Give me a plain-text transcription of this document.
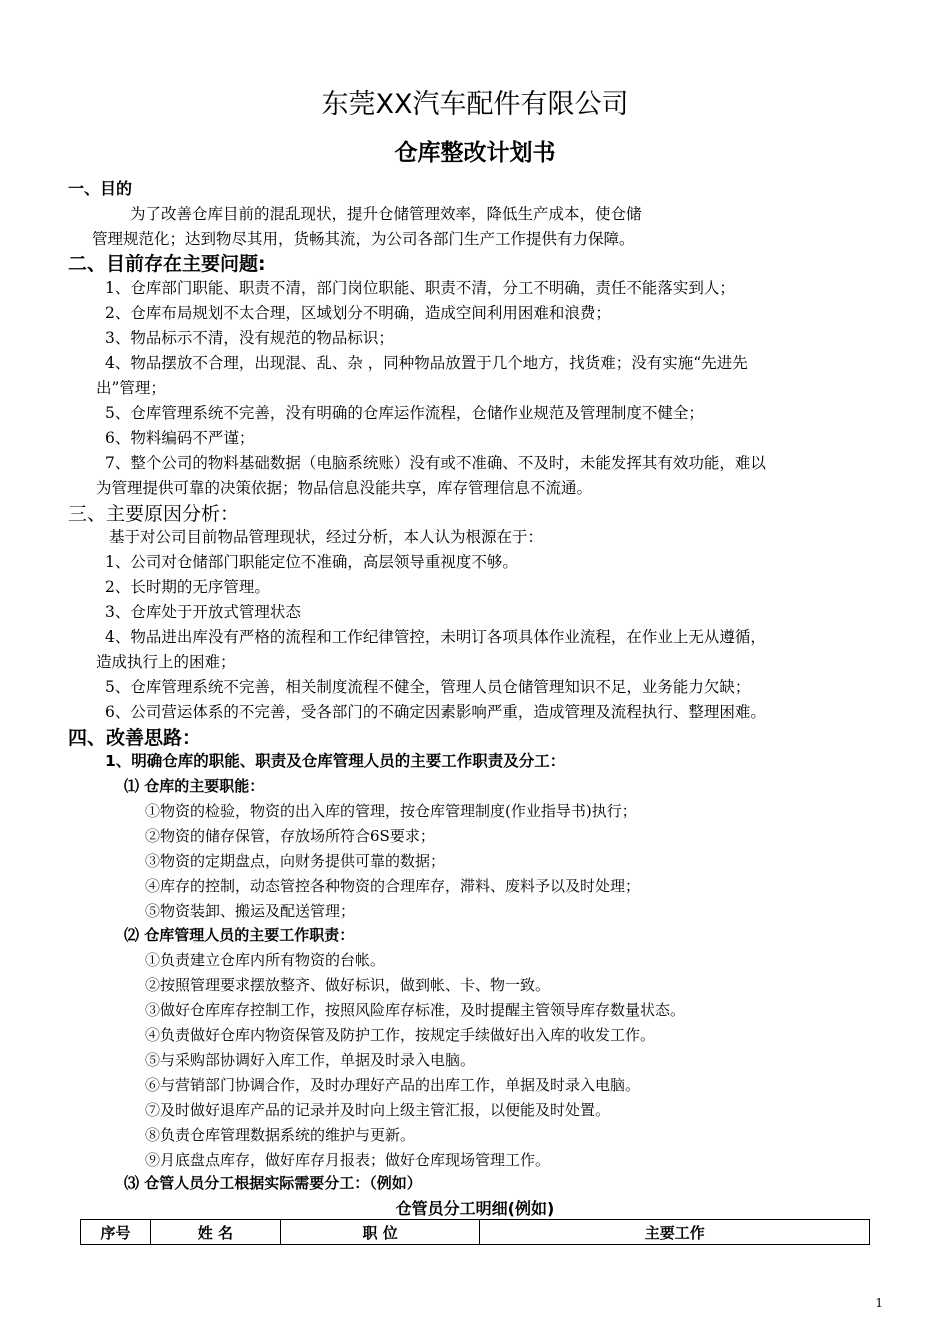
东莞XX汽车配件有限公司
仓库整改计划书
一、目的
为了改善仓库目前的混乱现状，提升仓储管理效率，降低生产成本，使仓储
管理规范化；达到物尽其用，货畅其流，为公司各部门生产工作提供有力保障。
二、目前存在主要问题:
1、仓库部门职能、职责不清，部门岗位职能、职责不清，分工不明确，责任不能落实到人；
2、仓库布局规划不太合理，区域划分不明确，造成空间利用困难和浪费；
3、物品标示不清，没有规范的物品标识；
4、物品摆放不合理，出现混、乱、杂 ，同种物品放置于几个地方，找货难；没有实施“先进先
出”管理；
5、仓库管理系统不完善，没有明确的仓库运作流程，仓储作业规范及管理制度不健全；
6、物料编码不严谨；
7、整个公司的物料基础数据（电脑系统账）没有或不准确、不及时，未能发挥其有效功能，难以
为管理提供可靠的决策依据；物品信息没能共享，库存管理信息不流通。
三、主要原因分析：
基于对公司目前物品管理现状，经过分析，本人认为根源在于：
1、公司对仓储部门职能定位不准确，高层领导重视度不够。
2、长时期的无序管理。
3、仓库处于开放式管理状态
4、物品进出库没有严格的流程和工作纪律管控，未明订各项具体作业流程，在作业上无从遵循，
造成执行上的困难；
5、仓库管理系统不完善，相关制度流程不健全，管理人员仓储管理知识不足，业务能力欠缺；
6、公司营运体系的不完善，受各部门的不确定因素影响严重，造成管理及流程执行、整理困难。
四、改善思路：
1、明确仓库的职能、职责及仓库管理人员的主要工作职责及分工：
⑴ 仓库的主要职能：
①物资的检验，物资的出入库的管理，按仓库管理制度(作业指导书)执行；
②物资的储存保管，存放场所符合6S要求；
③物资的定期盘点，向财务提供可靠的数据；
④库存的控制，动态管控各种物资的合理库存，滞料、废料予以及时处理；
⑤物资装卸、搬运及配送管理；
⑵ 仓库管理人员的主要工作职责：
①负责建立仓库内所有物资的台帐。
②按照管理要求摆放整齐、做好标识，做到帐、卡、物一致。
③做好仓库库存控制工作，按照风险库存标准，及时提醒主管领导库存数量状态。
④负责做好仓库内物资保管及防护工作，按规定手续做好出入库的收发工作。
⑤与采购部协调好入库工作，单据及时录入电脑。
⑥与营销部门协调合作，及时办理好产品的出库工作，单据及时录入电脑。
⑦及时做好退库产品的记录并及时向上级主管汇报，以便能及时处置。
⑧负责仓库管理数据系统的维护与更新。
⑨月底盘点库存，做好库存月报表；做好仓库现场管理工作。
⑶ 仓管人员分工根据实际需要分工：（例如）
仓管员分工明细(例如)
序号	姓 名	职 位	主要工作
1
